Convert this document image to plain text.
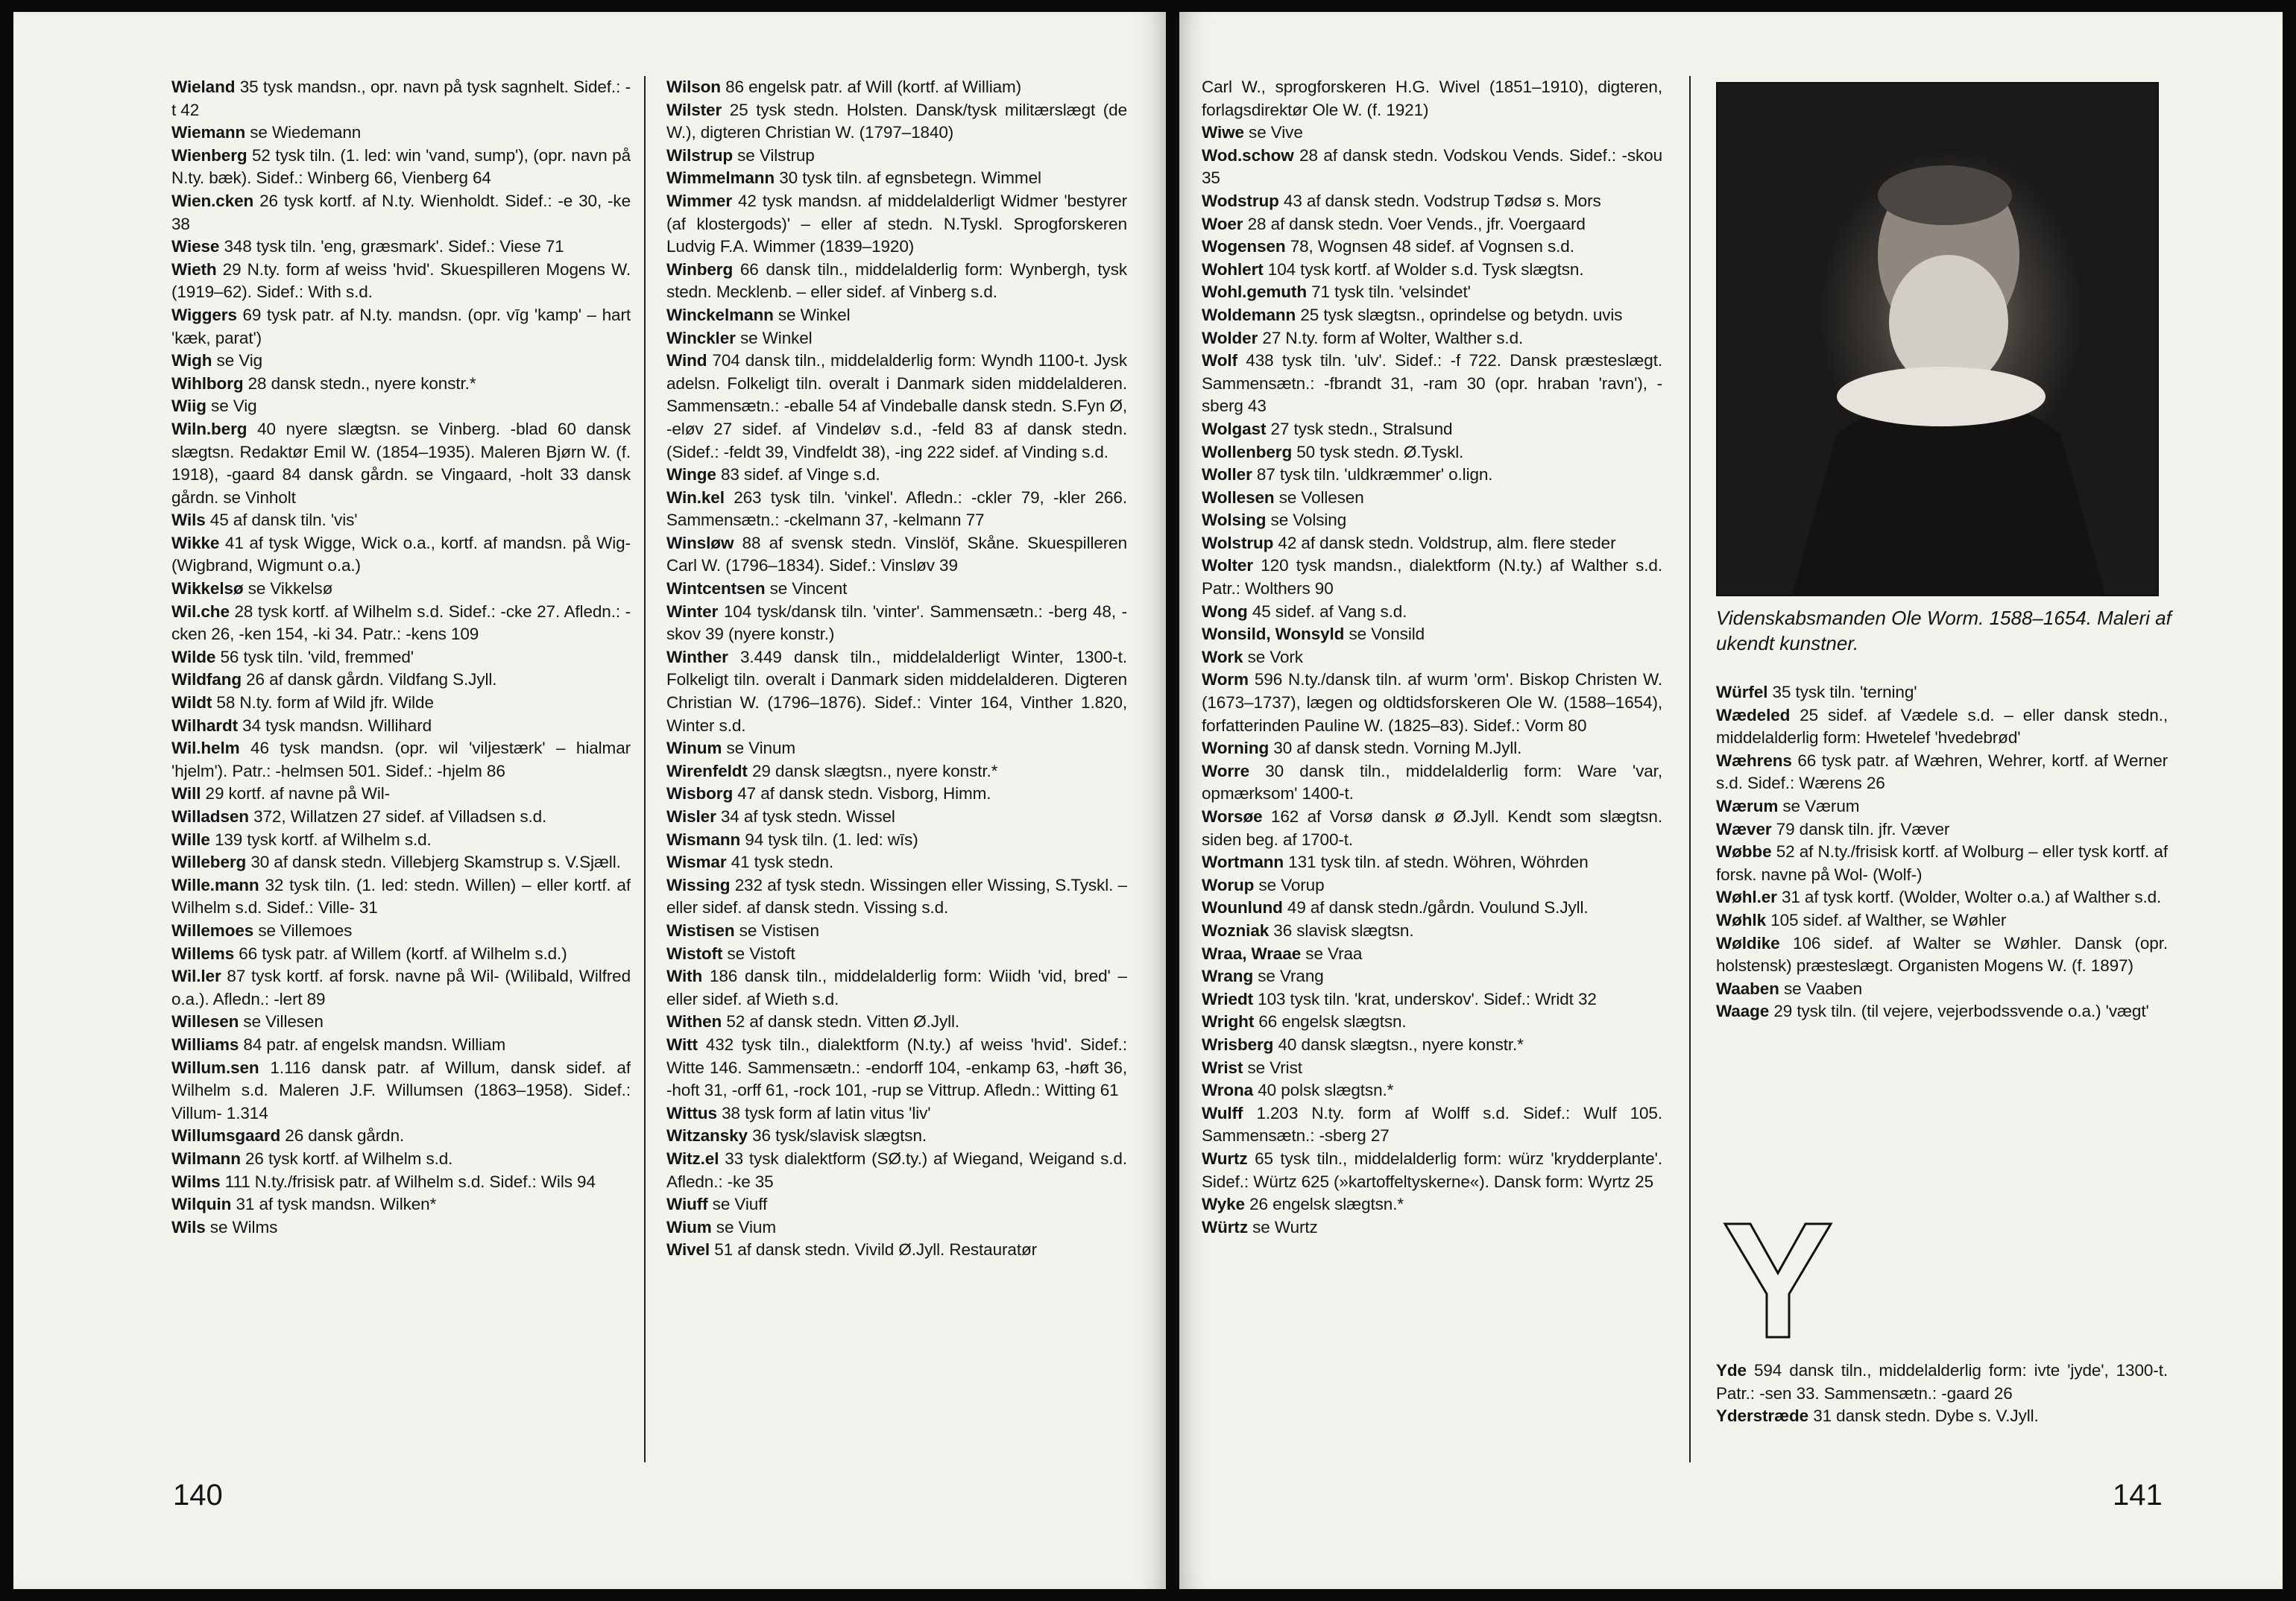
Wieland 35 tysk mandsn., opr. navn på tysk sagnhelt. Sidef.: -t 42

Wiemann se Wiedemann

Wienberg 52 tysk tiln. (1. led: win 'vand, sump'), (opr. navn på N.ty. bæk). Sidef.: Winberg 66, Vienberg 64

Wien.cken 26 tysk kortf. af N.ty. Wienholdt. Sidef.: -e 30, -ke 38

Wiese 348 tysk tiln. 'eng, græsmark'. Sidef.: Viese 71

Wieth 29 N.ty. form af weiss 'hvid'. Skuespilleren Mogens W. (1919–62). Sidef.: With s.d.

Wiggers 69 tysk patr. af N.ty. mandsn. (opr. vīg 'kamp' – hart 'kæk, parat')

Wigh se Vig

Wihlborg 28 dansk stedn., nyere konstr.*

Wiig se Vig

Wiln.berg 40 nyere slægtsn. se Vinberg. -blad 60 dansk slægtsn. Redaktør Emil W. (1854–1935). Maleren Bjørn W. (f. 1918), -gaard 84 dansk gårdn. se Vingaard, -holt 33 dansk gårdn. se Vinholt

Wils 45 af dansk tiln. 'vis'

Wikke 41 af tysk Wigge, Wick o.a., kortf. af mandsn. på Wig- (Wigbrand, Wigmunt o.a.)

Wikkelsø se Vikkelsø

Wil.che 28 tysk kortf. af Wilhelm s.d. Sidef.: -cke 27. Afledn.: -cken 26, -ken 154, -ki 34. Patr.: -kens 109

Wilde 56 tysk tiln. 'vild, fremmed'

Wildfang 26 af dansk gårdn. Vildfang S.Jyll.

Wildt 58 N.ty. form af Wild jfr. Wilde

Wilhardt 34 tysk mandsn. Willihard

Wil.helm 46 tysk mandsn. (opr. wil 'viljestærk' – hialmar 'hjelm'). Patr.: -helmsen 501. Sidef.: -hjelm 86

Will 29 kortf. af navne på Wil-

Willadsen 372, Willatzen 27 sidef. af Villadsen s.d.

Wille 139 tysk kortf. af Wilhelm s.d.

Willeberg 30 af dansk stedn. Villebjerg Skamstrup s. V.Sjæll.

Wille.mann 32 tysk tiln. (1. led: stedn. Willen) – eller kortf. af Wilhelm s.d. Sidef.: Ville- 31

Willemoes se Villemoes

Willems 66 tysk patr. af Willem (kortf. af Wilhelm s.d.)

Wil.ler 87 tysk kortf. af forsk. navne på Wil- (Wilibald, Wilfred o.a.). Afledn.: -lert 89

Willesen se Villesen

Williams 84 patr. af engelsk mandsn. William

Willum.sen 1.116 dansk patr. af Willum, dansk sidef. af Wilhelm s.d. Maleren J.F. Willumsen (1863–1958). Sidef.: Villum- 1.314

Willumsgaard 26 dansk gårdn.

Wilmann 26 tysk kortf. af Wilhelm s.d.

Wilms 111 N.ty./frisisk patr. af Wilhelm s.d. Sidef.: Wils 94

Wilquin 31 af tysk mandsn. Wilken*

Wils se Wilms

Wilson 86 engelsk patr. af Will (kortf. af William)

Wilster 25 tysk stedn. Holsten. Dansk/tysk militærslægt (de W.), digteren Christian W. (1797–1840)

Wilstrup se Vilstrup

Wimmelmann 30 tysk tiln. af egnsbetegn. Wimmel

Wimmer 42 tysk mandsn. af middelalderligt Widmer 'bestyrer (af klostergods)' – eller af stedn. N.Tyskl. Sprogforskeren Ludvig F.A. Wimmer (1839–1920)

Winberg 66 dansk tiln., middelalderlig form: Wynbergh, tysk stedn. Mecklenb. – eller sidef. af Vinberg s.d.

Winckelmann se Winkel

Winckler se Winkel

Wind 704 dansk tiln., middelalderlig form: Wyndh 1100-t. Jysk adelsn. Folkeligt tiln. overalt i Danmark siden middelalderen. Sammensætn.: -eballe 54 af Vindeballe dansk stedn. S.Fyn Ø, -eløv 27 sidef. af Vindeløv s.d., -feld 83 af dansk stedn. (Sidef.: -feldt 39, Vindfeldt 38), -ing 222 sidef. af Vinding s.d.

Winge 83 sidef. af Vinge s.d.

Win.kel 263 tysk tiln. 'vinkel'. Afledn.: -ckler 79, -kler 266. Sammensætn.: -ckelmann 37, -kelmann 77

Winsløw 88 af svensk stedn. Vinslöf, Skåne. Skuespilleren Carl W. (1796–1834). Sidef.: Vinsløv 39

Wintcentsen se Vincent

Winter 104 tysk/dansk tiln. 'vinter'. Sammensætn.: -berg 48, -skov 39 (nyere konstr.)

Winther 3.449 dansk tiln., middelalderligt Winter, 1300-t. Folkeligt tiln. overalt i Danmark siden middelalderen. Digteren Christian W. (1796–1876). Sidef.: Vinter 164, Vinther 1.820, Winter s.d.

Winum se Vinum

Wirenfeldt 29 dansk slægtsn., nyere konstr.*

Wisborg 47 af dansk stedn. Visborg, Himm.

Wisler 34 af tysk stedn. Wissel

Wismann 94 tysk tiln. (1. led: wīs)

Wismar 41 tysk stedn.

Wissing 232 af tysk stedn. Wissingen eller Wissing, S.Tyskl. – eller sidef. af dansk stedn. Vissing s.d.

Wistisen se Vistisen

Wistoft se Vistoft

With 186 dansk tiln., middelalderlig form: Wiidh 'vid, bred' – eller sidef. af Wieth s.d.

Withen 52 af dansk stedn. Vitten Ø.Jyll.

Witt 432 tysk tiln., dialektform (N.ty.) af weiss 'hvid'. Sidef.: Witte 146. Sammensætn.: -endorff 104, -enkamp 63, -høft 36, -hoft 31, -orff 61, -rock 101, -rup se Vittrup. Afledn.: Witting 61

Wittus 38 tysk form af latin vitus 'liv'

Witzansky 36 tysk/slavisk slægtsn.

Witz.el 33 tysk dialektform (SØ.ty.) af Wiegand, Weigand s.d. Afledn.: -ke 35

Wiuff se Viuff

Wium se Vium

Wivel 51 af dansk stedn. Vivild Ø.Jyll. Restauratør

140

Carl W., sprogforskeren H.G. Wivel (1851–1910), digteren, forlagsdirektør Ole W. (f. 1921)

Wiwe se Vive

Wod.schow 28 af dansk stedn. Vodskou Vends. Sidef.: -skou 35

Wodstrup 43 af dansk stedn. Vodstrup Tødsø s. Mors

Woer 28 af dansk stedn. Voer Vends., jfr. Voergaard

Wogensen 78, Wognsen 48 sidef. af Vognsen s.d.

Wohlert 104 tysk kortf. af Wolder s.d. Tysk slægtsn.

Wohl.gemuth 71 tysk tiln. 'velsindet'

Woldemann 25 tysk slægtsn., oprindelse og betydn. uvis

Wolder 27 N.ty. form af Wolter, Walther s.d.

Wolf 438 tysk tiln. 'ulv'. Sidef.: -f 722. Dansk præsteslægt. Sammensætn.: -fbrandt 31, -ram 30 (opr. hraban 'ravn'), -sberg 43

Wolgast 27 tysk stedn., Stralsund

Wollenberg 50 tysk stedn. Ø.Tyskl.

Woller 87 tysk tiln. 'uldkræmmer' o.lign.

Wollesen se Vollesen

Wolsing se Volsing

Wolstrup 42 af dansk stedn. Voldstrup, alm. flere steder

Wolter 120 tysk mandsn., dialektform (N.ty.) af Walther s.d. Patr.: Wolthers 90

Wong 45 sidef. af Vang s.d.

Wonsild, Wonsyld se Vonsild

Work se Vork

Worm 596 N.ty./dansk tiln. af wurm 'orm'. Biskop Christen W. (1673–1737), lægen og oldtidsforskeren Ole W. (1588–1654), forfatterinden Pauline W. (1825–83). Sidef.: Vorm 80

Worning 30 af dansk stedn. Vorning M.Jyll.

Worre 30 dansk tiln., middelalderlig form: Ware 'var, opmærksom' 1400-t.

Worsøe 162 af Vorsø dansk ø Ø.Jyll. Kendt som slægtsn. siden beg. af 1700-t.

Wortmann 131 tysk tiln. af stedn. Wöhren, Wöhrden

Worup se Vorup

Wounlund 49 af dansk stedn./gårdn. Voulund S.Jyll.

Wozniak 36 slavisk slægtsn.

Wraa, Wraae se Vraa

Wrang se Vrang

Wriedt 103 tysk tiln. 'krat, underskov'. Sidef.: Wridt 32

Wright 66 engelsk slægtsn.

Wrisberg 40 dansk slægtsn., nyere konstr.*

Wrist se Vrist

Wrona 40 polsk slægtsn.*

Wulff 1.203 N.ty. form af Wolff s.d. Sidef.: Wulf 105. Sammensætn.: -sberg 27

Wurtz 65 tysk tiln., middelalderlig form: würz 'krydderplante'. Sidef.: Würtz 625 (»kartoffeltyskerne«). Dansk form: Wyrtz 25

Wyke 26 engelsk slægtsn.*

Würtz se Wurtz

Videnskabsmanden Ole Worm. 1588–1654. Maleri af ukendt kunstner.

Würfel 35 tysk tiln. 'terning'

Wædeled 25 sidef. af Vædele s.d. – eller dansk stedn., middelalderlig form: Hwetelef 'hvedebrød'

Wæhrens 66 tysk patr. af Wæhren, Wehrer, kortf. af Werner s.d. Sidef.: Wærens 26

Wærum se Værum

Wæver 79 dansk tiln. jfr. Væver

Wøbbe 52 af N.ty./frisisk kortf. af Wolburg – eller tysk kortf. af forsk. navne på Wol- (Wolf-)

Wøhl.er 31 af tysk kortf. (Wolder, Wolter o.a.) af Walther s.d.

Wøhlk 105 sidef. af Walther, se Wøhler

Wøldike 106 sidef. af Walter se Wøhler. Dansk (opr. holstensk) præsteslægt. Organisten Mogens W. (f. 1897)

Waaben se Vaaben

Waage 29 tysk tiln. (til vejere, vejerbodssvende o.a.) 'vægt'

Yde 594 dansk tiln., middelalderlig form: ivte 'jyde', 1300-t. Patr.: -sen 33. Sammensætn.: -gaard 26

Yderstræde 31 dansk stedn. Dybe s. V.Jyll.

141
